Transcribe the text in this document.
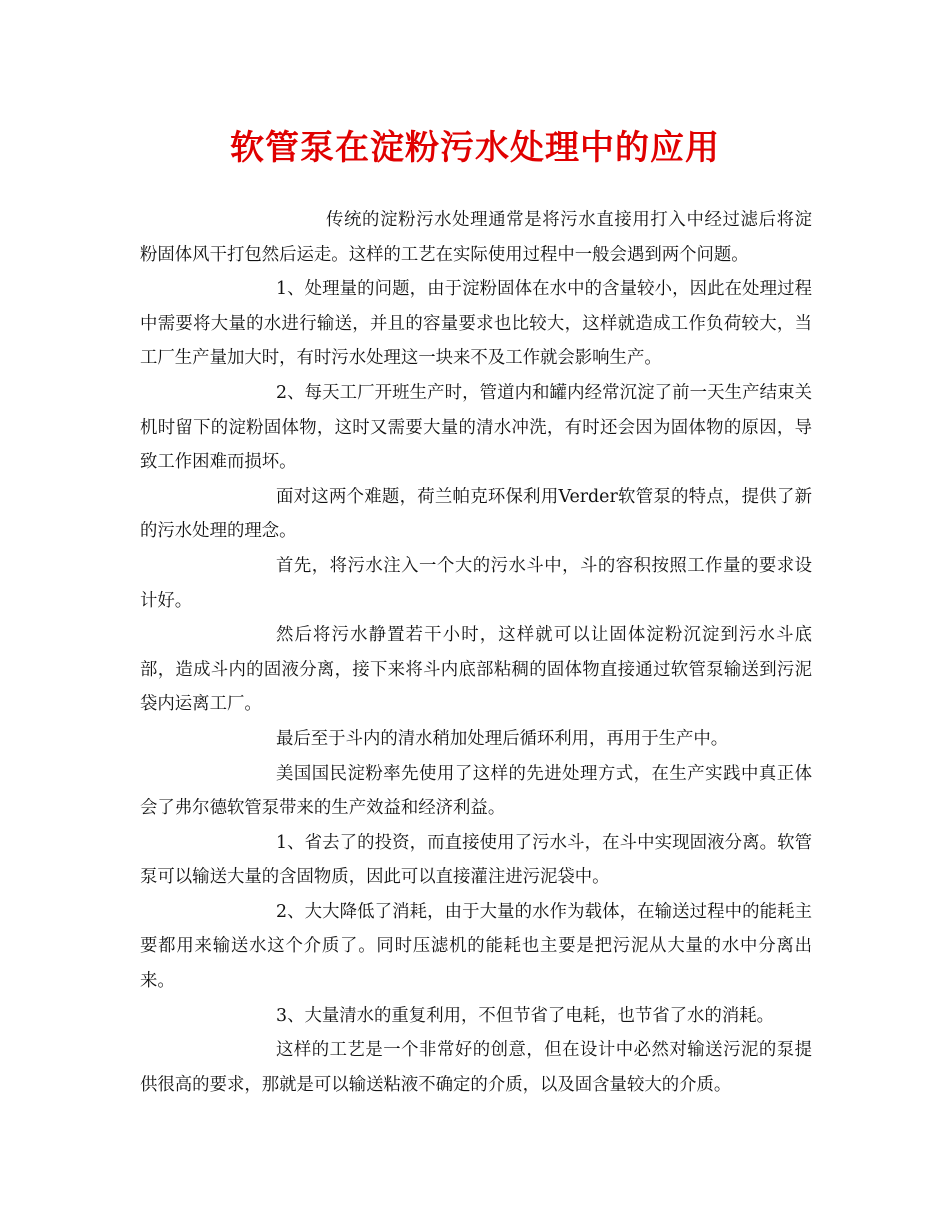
软管泵在淀粉污水处理中的应用

传统的淀粉污水处理通常是将污水直接用打入中经过滤后将淀粉固体风干打包然后运走。这样的工艺在实际使用过程中一般会遇到两个问题。

1、处理量的问题，由于淀粉固体在水中的含量较小，因此在处理过程中需要将大量的水进行输送，并且的容量要求也比较大，这样就造成工作负荷较大，当工厂生产量加大时，有时污水处理这一块来不及工作就会影响生产。

2、每天工厂开班生产时，管道内和罐内经常沉淀了前一天生产结束关机时留下的淀粉固体物，这时又需要大量的清水冲洗，有时还会因为固体物的原因，导致工作困难而损坏。

面对这两个难题，荷兰帕克环保利用Verder软管泵的特点，提供了新的污水处理的理念。

首先，将污水注入一个大的污水斗中，斗的容积按照工作量的要求设计好。

然后将污水静置若干小时，这样就可以让固体淀粉沉淀到污水斗底部，造成斗内的固液分离，接下来将斗内底部粘稠的固体物直接通过软管泵输送到污泥袋内运离工厂。

最后至于斗内的清水稍加处理后循环利用，再用于生产中。

美国国民淀粉率先使用了这样的先进处理方式，在生产实践中真正体会了弗尔德软管泵带来的生产效益和经济利益。

1、省去了的投资，而直接使用了污水斗，在斗中实现固液分离。软管泵可以输送大量的含固物质，因此可以直接灌注进污泥袋中。

2、大大降低了消耗，由于大量的水作为载体，在输送过程中的能耗主要都用来输送水这个介质了。同时压滤机的能耗也主要是把污泥从大量的水中分离出来。

3、大量清水的重复利用，不但节省了电耗，也节省了水的消耗。

这样的工艺是一个非常好的创意，但在设计中必然对输送污泥的泵提供很高的要求，那就是可以输送粘液不确定的介质，以及固含量较大的介质。
